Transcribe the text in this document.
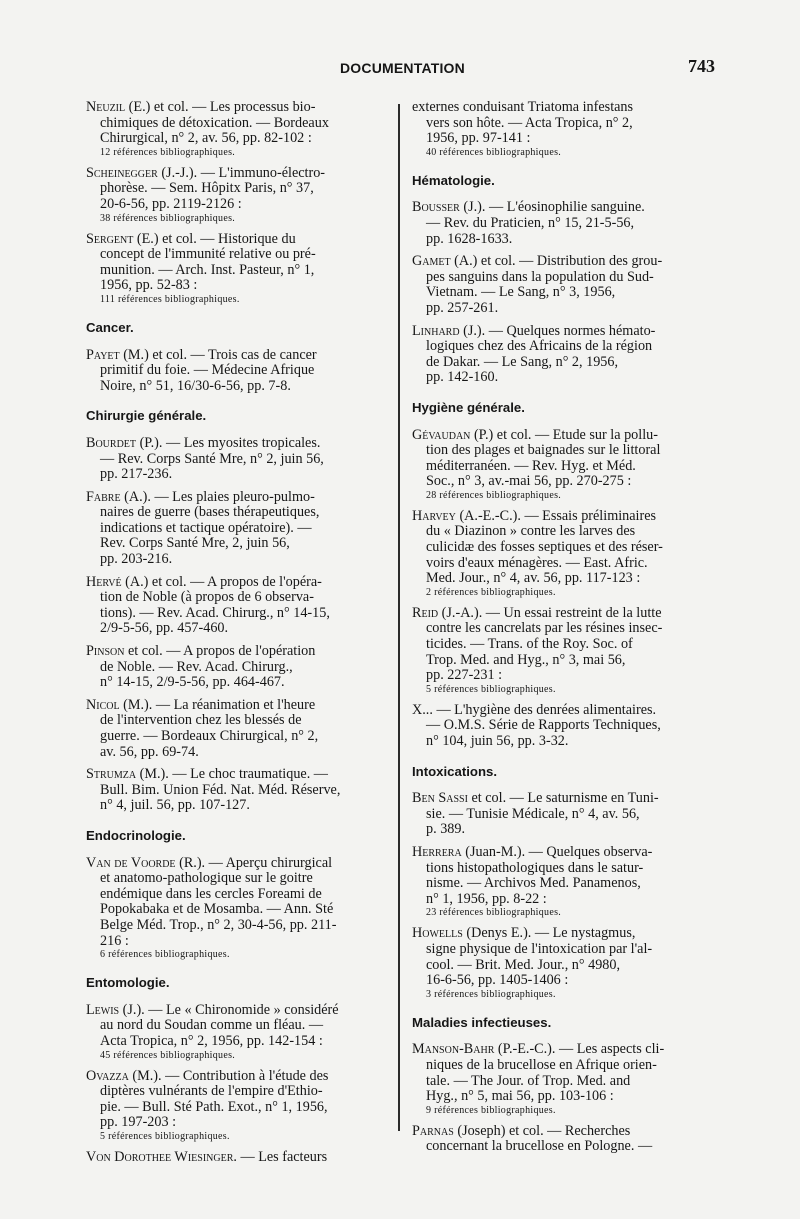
DOCUMENTATION	743
Neuzil (E.) et col. — Les processus bio-
chimiques de détoxication. — Bordeaux
Chirurgical, n° 2, av. 56, pp. 82-102 :
12 références bibliographiques.
Scheinegger (J.-J.). — L'immuno-électro-
phorèse. — Sem. Hôpitx Paris, n° 37,
20-6-56, pp. 2119-2126 :
38 références bibliographiques.
Sergent (E.) et col. — Historique du
concept de l'immunité relative ou pré-
munition. — Arch. Inst. Pasteur, n° 1,
1956, pp. 52-83 :
111 références bibliographiques.
Cancer.
Payet (M.) et col. — Trois cas de cancer
primitif du foie. — Médecine Afrique
Noire, n° 51, 16/30-6-56, pp. 7-8.
Chirurgie générale.
Bourdet (P.). — Les myosites tropicales.
— Rev. Corps Santé Mre, n° 2, juin 56,
pp. 217-236.
Fabre (A.). — Les plaies pleuro-pulmo-
naires de guerre (bases thérapeutiques,
indications et tactique opératoire). —
Rev. Corps Santé Mre, 2, juin 56,
pp. 203-216.
Hervé (A.) et col. — A propos de l'opéra-
tion de Noble (à propos de 6 observa-
tions). — Rev. Acad. Chirurg., n° 14-15,
2/9-5-56, pp. 457-460.
Pinson et col. — A propos de l'opération
de Noble. — Rev. Acad. Chirurg.,
n° 14-15, 2/9-5-56, pp. 464-467.
Nicol (M.). — La réanimation et l'heure
de l'intervention chez les blessés de
guerre. — Bordeaux Chirurgical, n° 2,
av. 56, pp. 69-74.
Strumza (M.). — Le choc traumatique. —
Bull. Bim. Union Féd. Nat. Méd. Réserve,
n° 4, juil. 56, pp. 107-127.
Endocrinologie.
Van de Voorde (R.). — Aperçu chirurgical
et anatomo-pathologique sur le goitre
endémique dans les cercles Foreami de
Popokabaka et de Mosamba. — Ann. Sté
Belge Méd. Trop., n° 2, 30-4-56, pp. 211-
216 :
6 références bibliographiques.
Entomologie.
Lewis (J.). — Le « Chironomide » considéré
au nord du Soudan comme un fléau. —
Acta Tropica, n° 2, 1956, pp. 142-154 :
45 références bibliographiques.
Ovazza (M.). — Contribution à l'étude des
diptères vulnérants de l'empire d'Ethio-
pie. — Bull. Sté Path. Exot., n° 1, 1956,
pp. 197-203 :
5 références bibliographiques.
Von Dorothee Wiesinger. — Les facteurs
externes conduisant Triatoma infestans
vers son hôte. — Acta Tropica, n° 2,
1956, pp. 97-141 :
40 références bibliographiques.
Hématologie.
Bousser (J.). — L'éosinophilie sanguine.
— Rev. du Praticien, n° 15, 21-5-56,
pp. 1628-1633.
Gamet (A.) et col. — Distribution des grou-
pes sanguins dans la population du Sud-
Vietnam. — Le Sang, n° 3, 1956,
pp. 257-261.
Linhard (J.). — Quelques normes hémato-
logiques chez des Africains de la région
de Dakar. — Le Sang, n° 2, 1956,
pp. 142-160.
Hygiène générale.
Gévaudan (P.) et col. — Etude sur la pollu-
tion des plages et baignades sur le littoral
méditerranéen. — Rev. Hyg. et Méd.
Soc., n° 3, av.-mai 56, pp. 270-275 :
28 références bibliographiques.
Harvey (A.-E.-C.). — Essais préliminaires
du « Diazinon » contre les larves des
culicidæ des fosses septiques et des réser-
voirs d'eaux ménagères. — East. Afric.
Med. Jour., n° 4, av. 56, pp. 117-123 :
2 références bibliographiques.
Reid (J.-A.). — Un essai restreint de la lutte
contre les cancrelats par les résines insec-
ticides. — Trans. of the Roy. Soc. of
Trop. Med. and Hyg., n° 3, mai 56,
pp. 227-231 :
5 références bibliographiques.
X... — L'hygiène des denrées alimentaires.
— O.M.S. Série de Rapports Techniques,
n° 104, juin 56, pp. 3-32.
Intoxications.
Ben Sassi et col. — Le saturnisme en Tuni-
sie. — Tunisie Médicale, n° 4, av. 56,
p. 389.
Herrera (Juan-M.). — Quelques observa-
tions histopathologiques dans le satur-
nisme. — Archivos Med. Panamenos,
n° 1, 1956, pp. 8-22 :
23 références bibliographiques.
Howells (Denys E.). — Le nystagmus,
signe physique de l'intoxication par l'al-
cool. — Brit. Med. Jour., n° 4980,
16-6-56, pp. 1405-1406 :
3 références bibliographiques.
Maladies infectieuses.
Manson-Bahr (P.-E.-C.). — Les aspects cli-
niques de la brucellose en Afrique orien-
tale. — The Jour. of Trop. Med. and
Hyg., n° 5, mai 56, pp. 103-106 :
9 références bibliographiques.
Parnas (Joseph) et col. — Recherches
concernant la brucellose en Pologne. —
